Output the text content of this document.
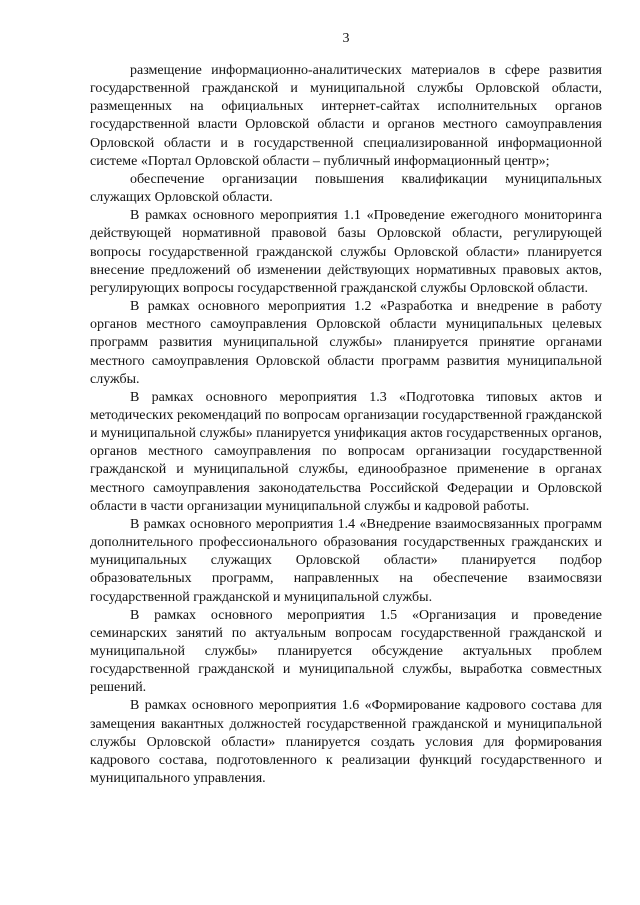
3

размещение информационно-аналитических материалов в сфере развития государственной гражданской и муниципальной службы Орловской области, размещенных на официальных интернет-сайтах исполнительных органов государственной власти Орловской области и органов местного самоуправления Орловской области и в государственной специализированной информационной системе «Портал Орловской области – публичный информационный центр»;

обеспечение организации повышения квалификации муниципальных служащих Орловской области.

В рамках основного мероприятия 1.1 «Проведение ежегодного мониторинга действующей нормативной правовой базы Орловской области, регулирующей вопросы государственной гражданской службы Орловской области» планируется внесение предложений об изменении действующих нормативных правовых актов, регулирующих вопросы государственной гражданской службы Орловской области.

В рамках основного мероприятия 1.2 «Разработка и внедрение в работу органов местного самоуправления Орловской области муниципальных целевых программ развития муниципальной службы» планируется принятие органами местного самоуправления Орловской области программ развития муниципальной службы.

В рамках основного мероприятия 1.3 «Подготовка типовых актов и методических рекомендаций по вопросам организации государственной гражданской и муниципальной службы» планируется унификация актов государственных органов, органов местного самоуправления по вопросам организации государственной гражданской и муниципальной службы, единообразное применение в органах местного самоуправления законодательства Российской Федерации и Орловской области в части организации муниципальной службы и кадровой работы.

В рамках основного мероприятия 1.4 «Внедрение взаимосвязанных программ дополнительного профессионального образования государственных гражданских и муниципальных служащих Орловской области» планируется подбор образовательных программ, направленных на обеспечение взаимосвязи государственной гражданской и муниципальной службы.

В рамках основного мероприятия 1.5 «Организация и проведение семинарских занятий по актуальным вопросам государственной гражданской и муниципальной службы» планируется обсуждение актуальных проблем государственной гражданской и муниципальной службы, выработка совместных решений.

В рамках основного мероприятия 1.6 «Формирование кадрового состава для замещения вакантных должностей государственной гражданской и муниципальной службы Орловской области» планируется создать условия для формирования кадрового состава, подготовленного к реализации функций государственного и муниципального управления.
